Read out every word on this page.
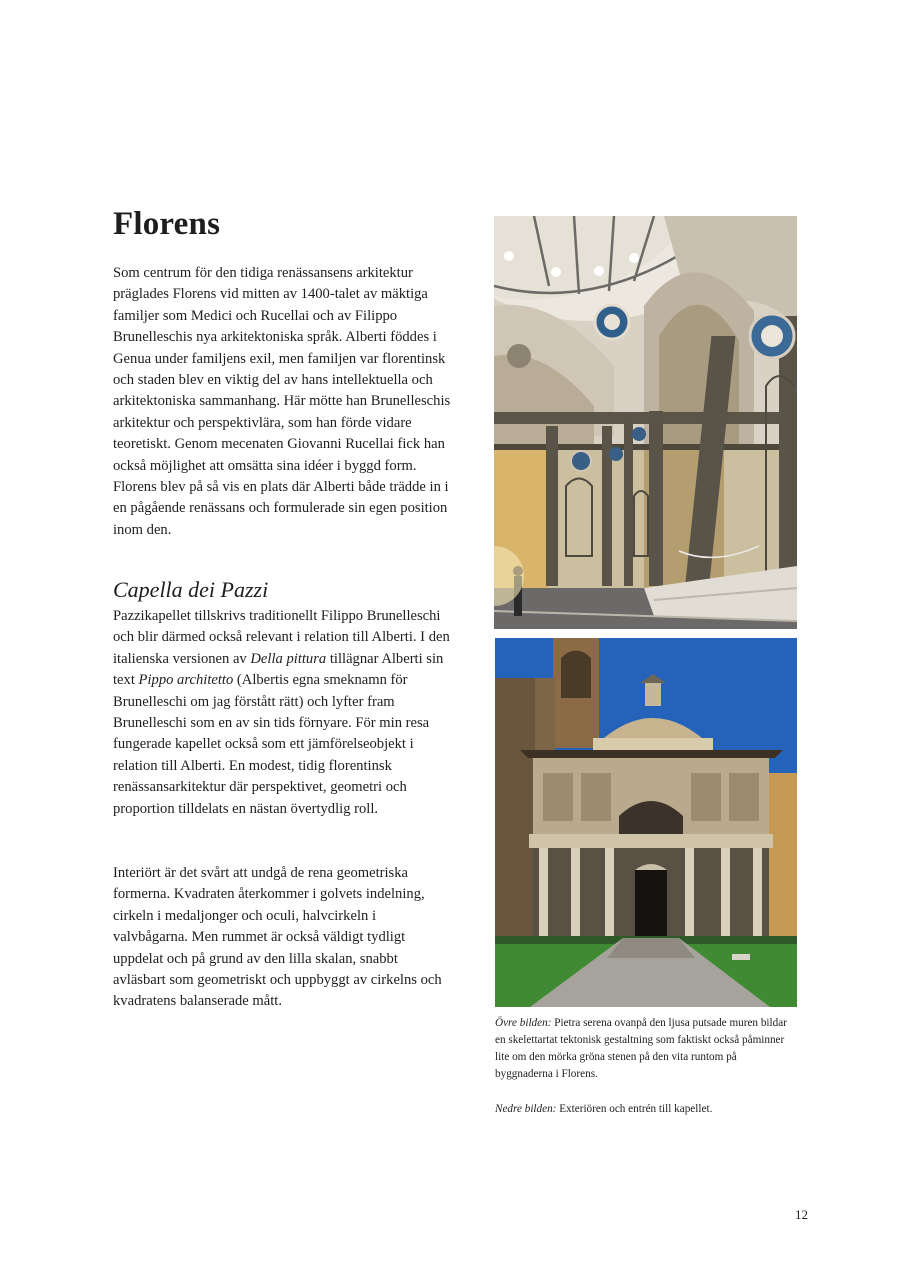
Florens

Som centrum för den tidiga renässansens arkitektur präglades Florens vid mitten av 1400-talet av mäktiga familjer som Medici och Rucellai och av Filippo Brunelleschis nya arkitektoniska språk. Alberti föddes i Genua under familjens exil, men familjen var florentinsk och staden blev en viktig del av hans intellektuella och arkitektoniska sammanhang. Här mötte han Brunelleschis arkitektur och perspektivlära, som han förde vidare teoretiskt. Genom mecenaten Giovanni Rucellai fick han också möjlighet att omsätta sina idéer i byggd form. Florens blev på så vis en plats där Alberti både trädde in i en pågående renässans och formulerade sin egen position inom den.

Capella dei Pazzi

Pazzikapellet tillskrivs traditionellt Filippo Brunelleschi och blir därmed också relevant i relation till Alberti. I den italienska versionen av Della pittura tillägnar Alberti sin text Pippo architetto (Albertis egna smeknamn för Brunelleschi om jag förstått rätt) och lyfter fram Brunelleschi som en av sin tids förnyare. För min resa fungerade kapellet också som ett jämförelseobjekt i relation till Alberti. En modest, tidig florentinsk renässansarkitektur där perspektivet, geometri och proportion tilldelats en nästan övertydlig roll.

Interiört är det svårt att undgå de rena geometriska formerna. Kvadraten återkommer i golvets indelning, cirkeln i medaljonger och oculi, halvcirkeln i valvbågarna. Men rummet är också väldigt tydligt uppdelat och på grund av den lilla skalan, snabbt avläsbart som geometriskt och uppbyggt av cirkelns och kvadratens balanserade mått.

Övre bilden: Pietra serena ovanpå den ljusa putsade muren bildar en skelettartat tektonisk gestaltning som faktiskt också påminner lite om den mörka gröna stenen på den vita runtom på byggnaderna i Florens.

Nedre bilden: Exteriören och entrén till kapellet.

12
